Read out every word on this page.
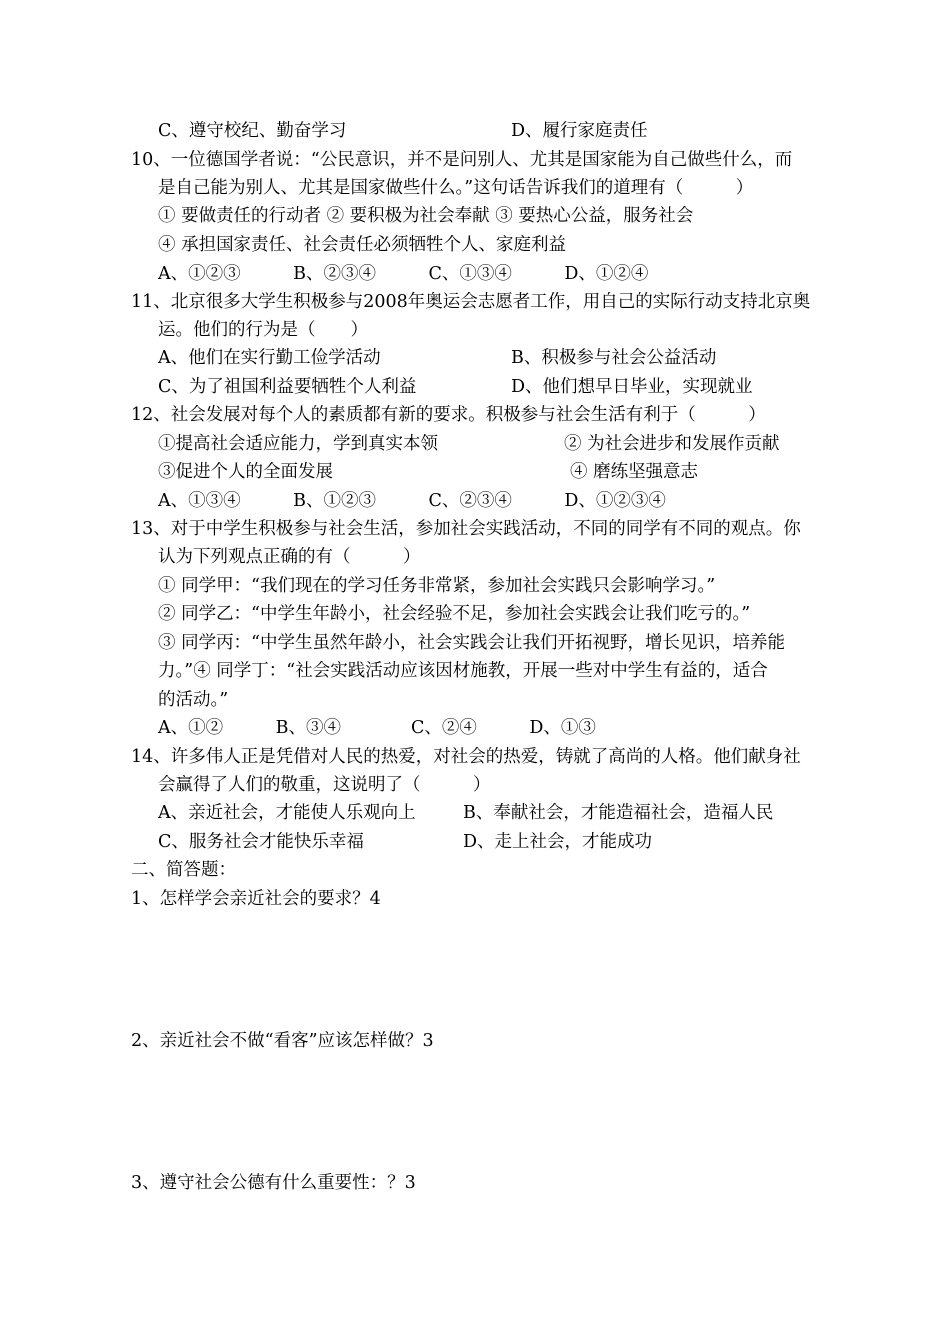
C、遵守校纪、勤奋学习	D、履行家庭责任
10、一位德国学者说：“公民意识，并不是问别人、尤其是国家能为自己做些什么，而
是自己能为别人、尤其是国家做些什么。”这句话告诉我们的道理有（　　　）
① 要做责任的行动者 ② 要积极为社会奉献 ③ 要热心公益，服务社会
④ 承担国家责任、社会责任必须牺牲个人、家庭利益
A、①②③　　　B、②③④　　　C、①③④　　　D、①②④
11、北京很多大学生积极参与2008年奥运会志愿者工作，用自己的实际行动支持北京奥
运。他们的行为是（　　）
A、他们在实行勤工俭学活动	B、积极参与社会公益活动
C、为了祖国利益要牺牲个人利益	D、他们想早日毕业，实现就业
12、社会发展对每个人的素质都有新的要求。积极参与社会生活有利于（　　　）
①提高社会适应能力，学到真实本领	② 为社会进步和发展作贡献
③促进个人的全面发展	④ 磨练坚强意志
A、①③④　　　B、①②③　　　C、②③④　　　D、①②③④
13、对于中学生积极参与社会生活，参加社会实践活动，不同的同学有不同的观点。你
认为下列观点正确的有（　　　）
① 同学甲：“我们现在的学习任务非常紧，参加社会实践只会影响学习。”
② 同学乙：“中学生年龄小，社会经验不足，参加社会实践会让我们吃亏的。”
③ 同学丙：“中学生虽然年龄小，社会实践会让我们开拓视野，增长见识，培养能
力。”④ 同学丁：“社会实践活动应该因材施教，开展一些对中学生有益的，适合
的活动。”
A、①②　　　B、③④　　　　C、②④　　　D、①③
14、许多伟人正是凭借对人民的热爱，对社会的热爱，铸就了高尚的人格。他们献身社
会赢得了人们的敬重，这说明了（　　　）
A、亲近社会，才能使人乐观向上	B、奉献社会，才能造福社会，造福人民
C、服务社会才能快乐幸福	D、走上社会，才能成功
二、简答题：
1、怎样学会亲近社会的要求？4
2、亲近社会不做“看客”应该怎样做？3
3、遵守社会公德有什么重要性：？3
